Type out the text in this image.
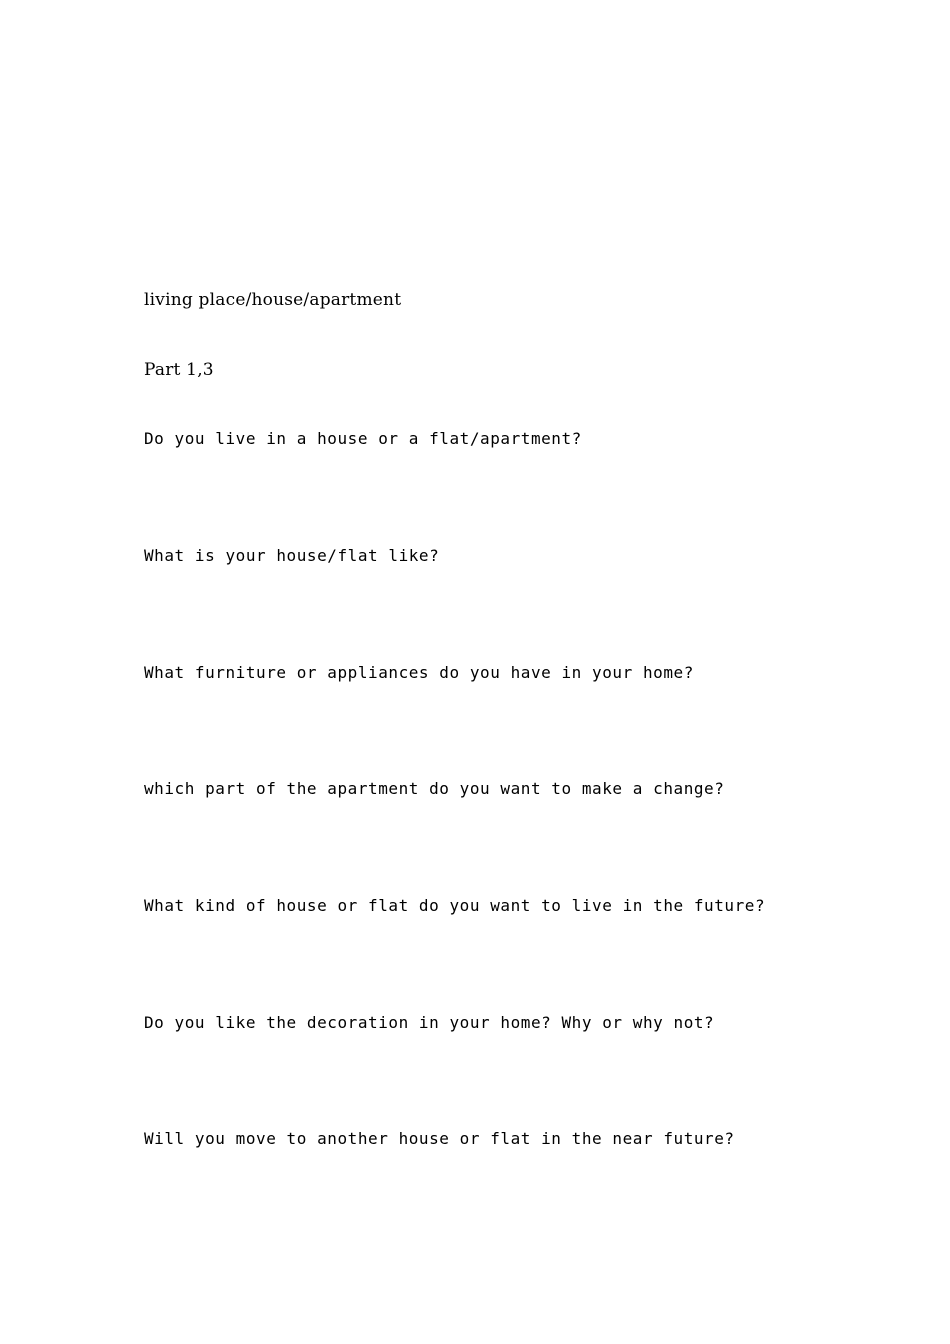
living place/house/apartment
Part 1,3

Do you live in a house or a flat/apartment?

What is your house/flat like?

What furniture or appliances do you have in your home?

which part of the apartment do you want to make a change?

What kind of house or flat do you want to live in the future?

Do you like the decoration in your home? Why or why not?

Will you move to another house or flat in the near future?
